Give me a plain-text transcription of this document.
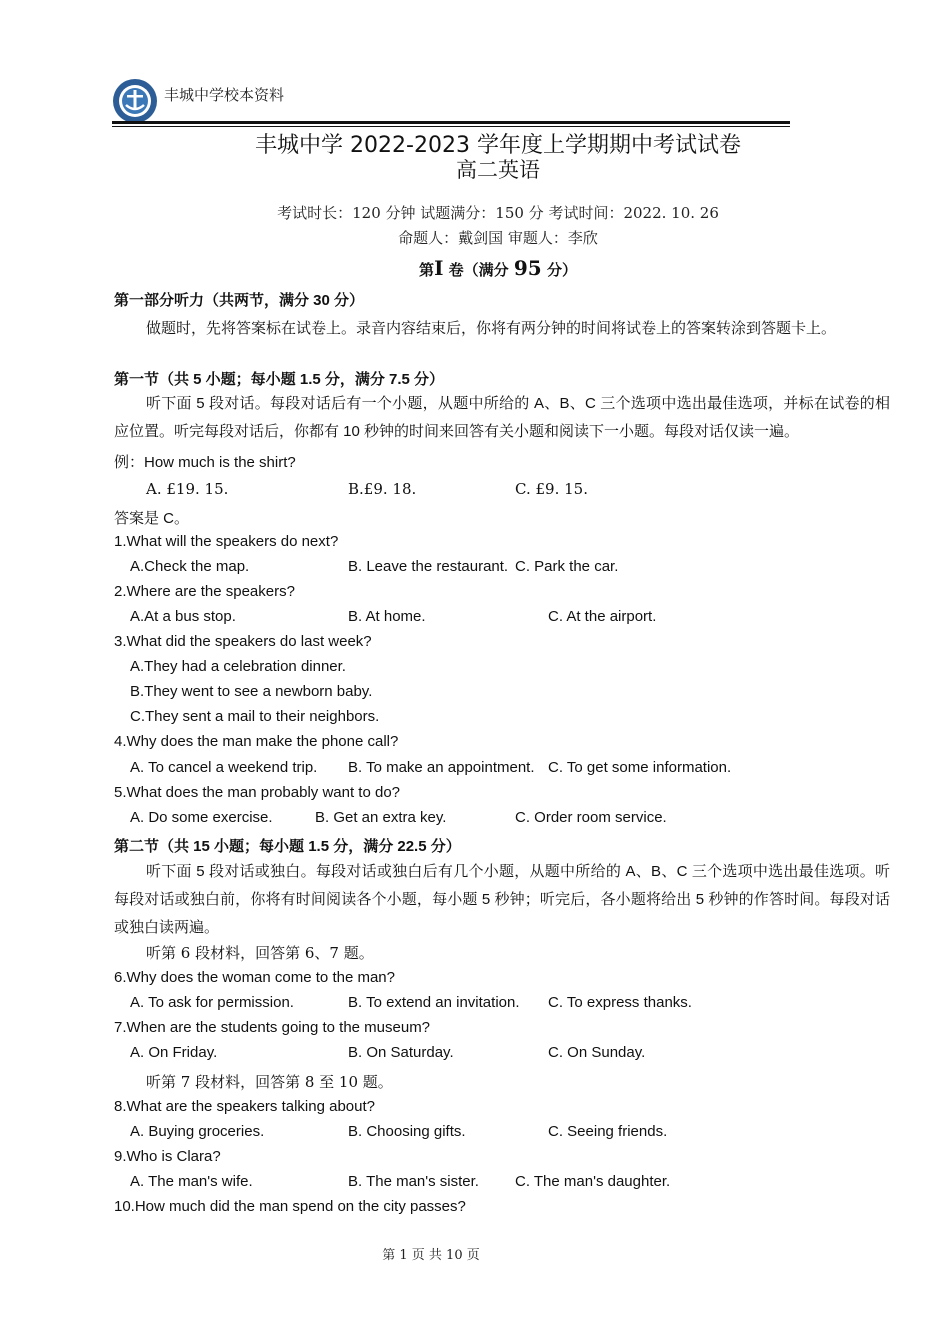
丰城中学校本资料
丰城中学 2022-2023 学年度上学期期中考试试卷
高二英语
考试时长：120 分钟 试题满分：150 分 考试时间：2022. 10. 26
命题人：戴剑国 审题人：李欣
第I 卷（满分 95 分）
第一部分听力（共两节，满分 30 分）
做题时，先将答案标在试卷上。录音内容结束后，你将有两分钟的时间将试卷上的答案转涂到答题卡上。
第一节（共 5 小题；每小题 1.5 分，满分 7.5 分）
听下面 5 段对话。每段对话后有一个小题，从题中所给的 A、B、C 三个选项中选出最佳选项，并标在试卷的相应位置。听完每段对话后，你都有 10 秒钟的时间来回答有关小题和阅读下一小题。每段对话仅读一遍。
例：How much is the shirt?
A. £19. 15.	B.£9. 18.	C. £9. 15.
答案是 C。
1.What will the speakers do next?
A.Check the map.	B. Leave the restaurant. C. Park the car.
2.Where are the speakers?
A.At a bus stop.	B. At home.	C. At the airport.
3.What did the speakers do last week?
A.They had a celebration dinner.
B.They went to see a newborn baby.
C.They sent a mail to their neighbors.
4.Why does the man make the phone call?
A. To cancel a weekend trip. B. To make an appointment. C. To get some information.
5.What does the man probably want to do?
A. Do some exercise.	B. Get an extra key.	C. Order room service.
第二节（共 15 小题；每小题 1.5 分，满分 22.5 分）
听下面 5 段对话或独白。每段对话或独白后有几个小题，从题中所给的 A、B、C 三个选项中选出最佳选项。听每段对话或独白前，你将有时间阅读各个小题，每小题 5 秒钟；听完后，各小题将给出 5 秒钟的作答时间。每段对话或独白读两遍。
听第 6 段材料，回答第 6、7 题。
6.Why does the woman come to the man?
A. To ask for permission.	B. To extend an invitation. C. To express thanks.
7.When are the students going to the museum?
A. On Friday.	B. On Saturday.	C. On Sunday.
听第 7 段材料，回答第 8 至 10 题。
8.What are the speakers talking about?
A. Buying groceries.	B. Choosing gifts.	C. Seeing friends.
9.Who is Clara?
A. The man's wife.	B. The man's sister. C. The man's daughter.
10.How much did the man spend on the city passes?
第 1 页 共 10 页
